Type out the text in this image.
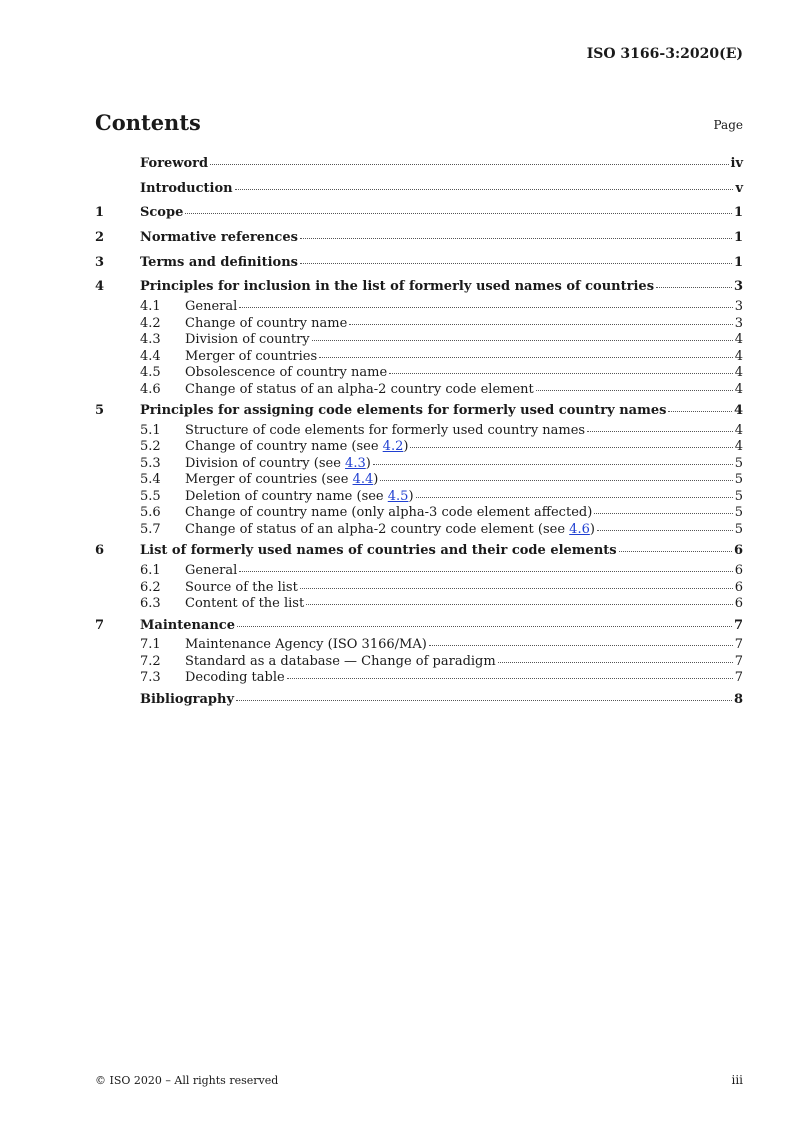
ISO 3166-3:2020(E)
Contents	Page
Foreword	iv
Introduction	v
1	Scope	1
2	Normative references	1
3	Terms and definitions	1
4	Principles for inclusion in the list of formerly used names of countries	3
4.1	General	3
4.2	Change of country name	3
4.3	Division of country	4
4.4	Merger of countries	4
4.5	Obsolescence of country name	4
4.6	Change of status of an alpha-2 country code element	4
5	Principles for assigning code elements for formerly used country names	4
5.1	Structure of code elements for formerly used country names	4
5.2	Change of country name (see 4.2)	4
5.3	Division of country (see 4.3)	5
5.4	Merger of countries (see 4.4)	5
5.5	Deletion of country name (see 4.5)	5
5.6	Change of country name (only alpha-3 code element affected)	5
5.7	Change of status of an alpha-2 country code element (see 4.6)	5
6	List of formerly used names of countries and their code elements	6
6.1	General	6
6.2	Source of the list	6
6.3	Content of the list	6
7	Maintenance	7
7.1	Maintenance Agency (ISO 3166/MA)	7
7.2	Standard as a database — Change of paradigm	7
7.3	Decoding table	7
Bibliography	8
© ISO 2020 – All rights reserved	iii
